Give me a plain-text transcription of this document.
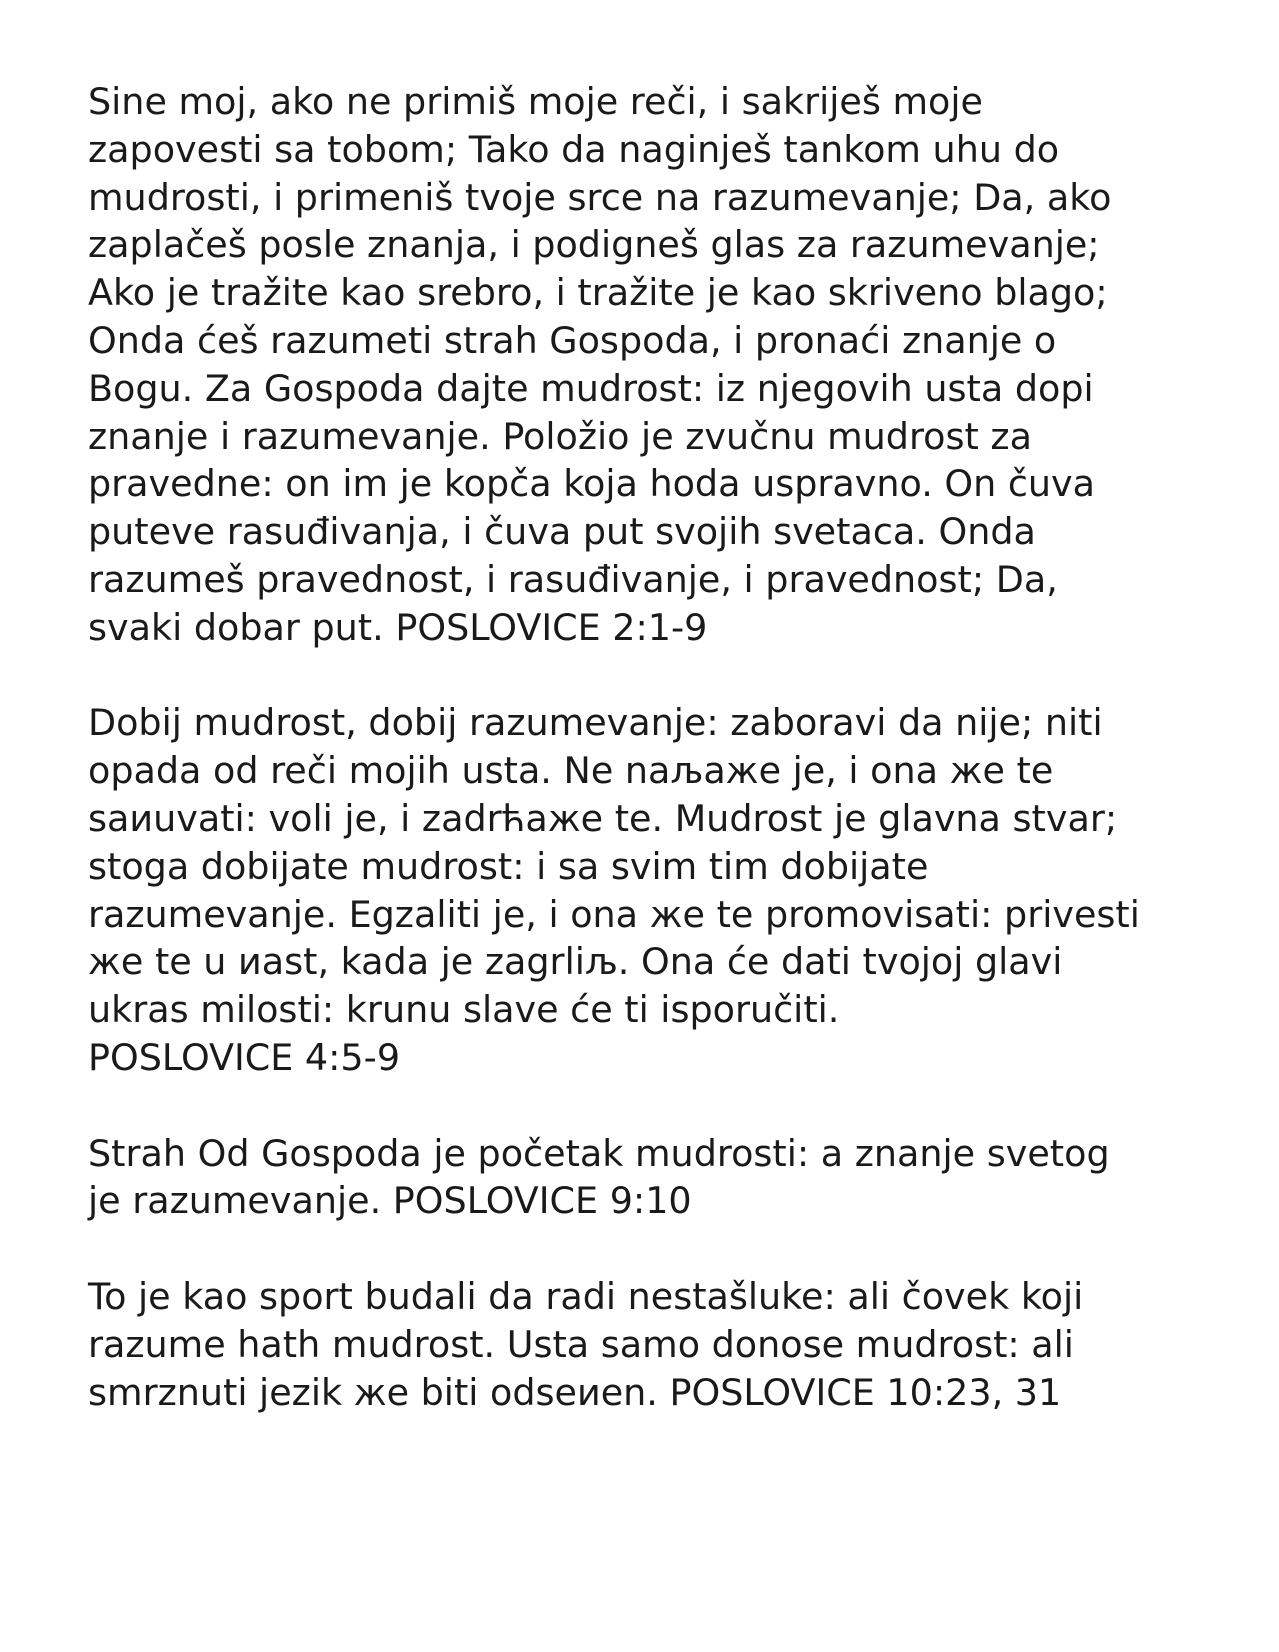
Sine moj, ako ne primiš moje reči, i sakriješ moje
zapovesti sa tobom; Tako da naginješ tankom uhu do
mudrosti, i primeniš tvoje srce na razumevanje; Da, ako
zaplačeš posle znanja, i podigneš glas za razumevanje;
Ako je tražite kao srebro, i tražite je kao skriveno blago;
Onda ćeš razumeti strah Gospoda, i pronaći znanje o
Bogu. Za Gospoda dajte mudrost: iz njegovih usta dopi
znanje i razumevanje. Položio je zvučnu mudrost za
pravedne: on im je kopča koja hoda uspravno. On čuva
puteve rasuđivanja, i čuva put svojih svetaca. Onda
razumeš pravednost, i rasuđivanje, i pravednost; Da,
svaki dobar put. POSLOVICE 2:1-9

Dobij mudrost, dobij razumevanje: zaboravi da nije; niti
opada od reči mojih usta. Ne naљaже je, i ona же te
saиuvati: voli je, i zadrћaже te. Mudrost je glavna stvar;
stoga dobijate mudrost: i sa svim tim dobijate
razumevanje. Egzaliti je, i ona же te promovisati: privesti
же te u иast, kada je zagrliљ. Ona će dati tvojoj glavi
ukras milosti: krunu slave će ti isporučiti.
POSLOVICE 4:5-9

Strah Od Gospoda je početak mudrosti: a znanje svetog
je razumevanje. POSLOVICE 9:10

To je kao sport budali da radi nestašluke: ali čovek koji
razume hath mudrost. Usta samo donose mudrost: ali
smrznuti jezik же biti odseиen. POSLOVICE 10:23, 31
